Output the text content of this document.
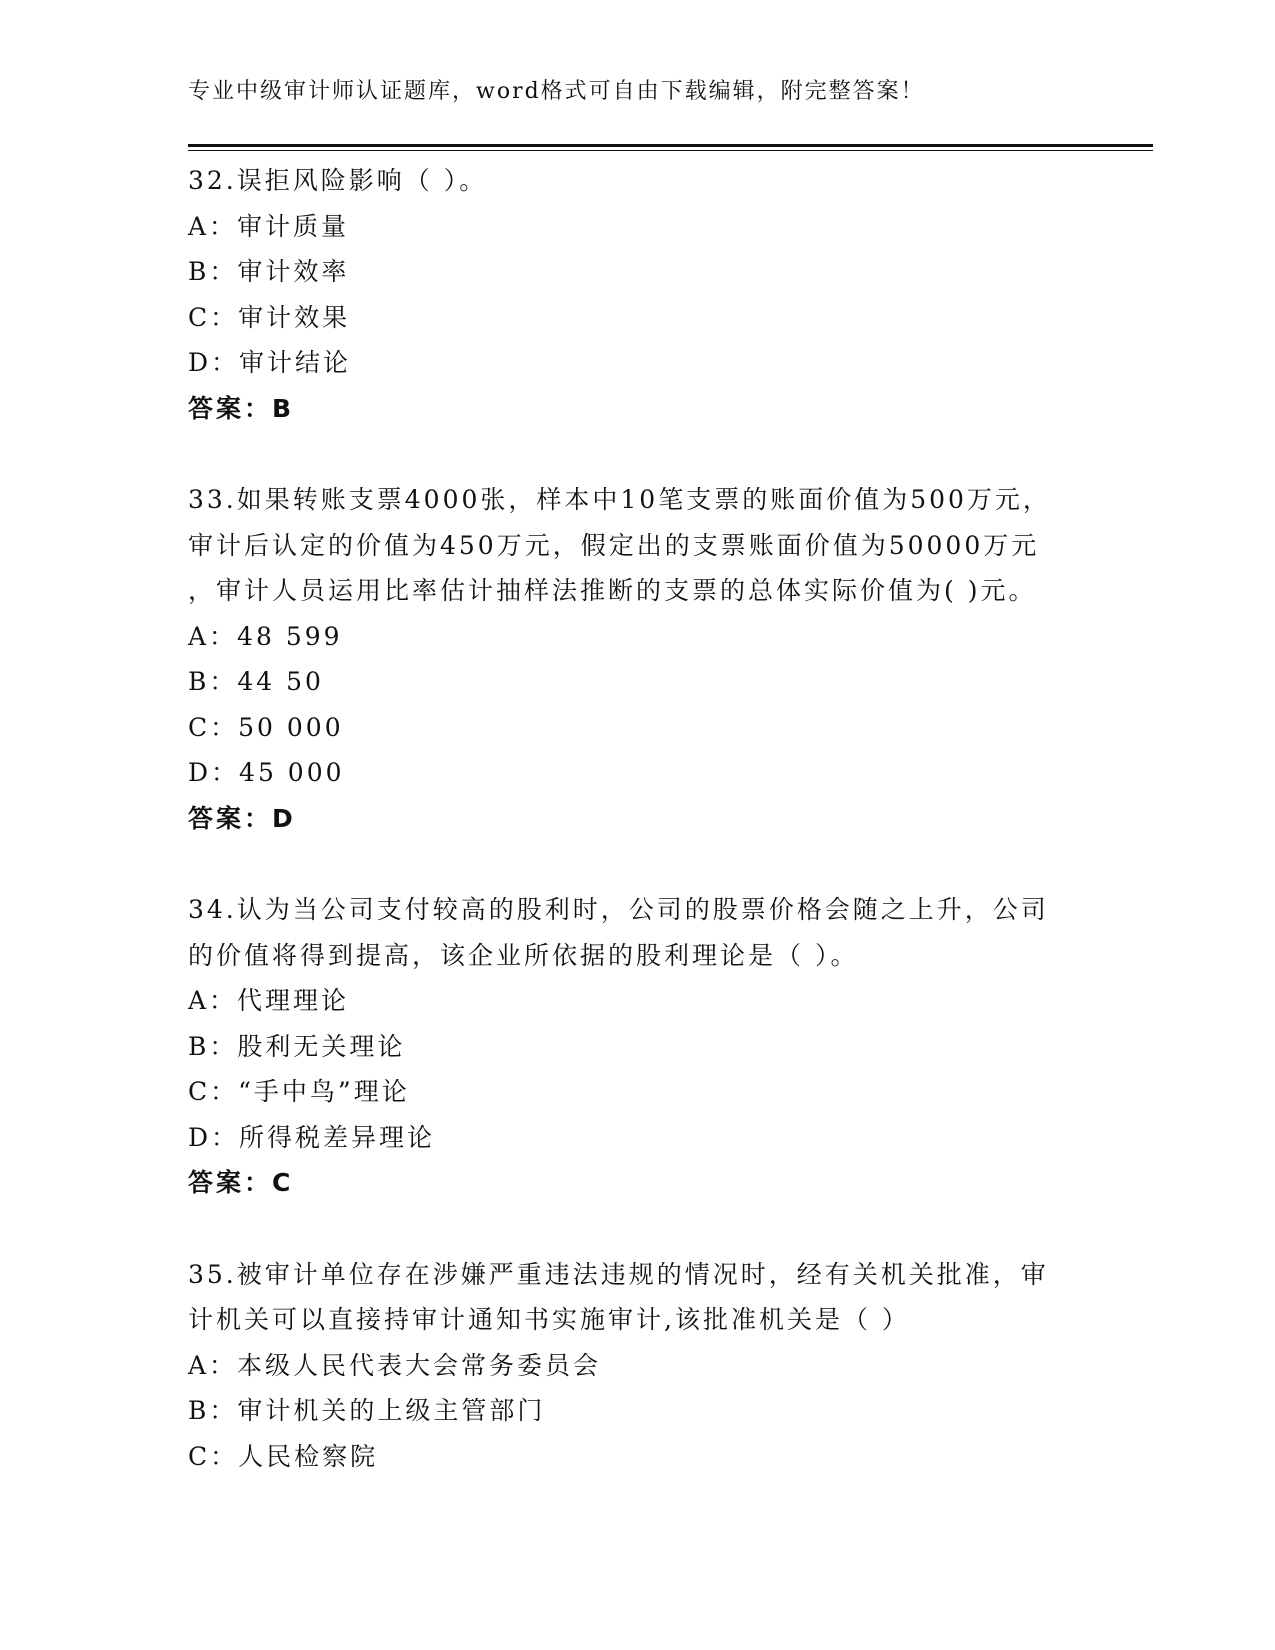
专业中级审计师认证题库，word格式可自由下载编辑，附完整答案！
32.误拒风险影响（ ）。
A：审计质量
B：审计效率
C：审计效果
D：审计结论
答案：B
33.如果转账支票4000张，样本中10笔支票的账面价值为500万元，
审计后认定的价值为450万元，假定出的支票账面价值为50000万元
，审计人员运用比率估计抽样法推断的支票的总体实际价值为( )元。
A：48 599
B：44 50
C：50 000
D：45 000
答案：D
34.认为当公司支付较高的股利时，公司的股票价格会随之上升，公司
的价值将得到提高，该企业所依据的股利理论是（ ）。
A：代理理论
B：股利无关理论
C：“手中鸟”理论
D：所得税差异理论
答案：C
35.被审计单位存在涉嫌严重违法违规的情况时，经有关机关批准，审
计机关可以直接持审计通知书实施审计,该批准机关是（ ）
A：本级人民代表大会常务委员会
B：审计机关的上级主管部门
C：人民检察院
